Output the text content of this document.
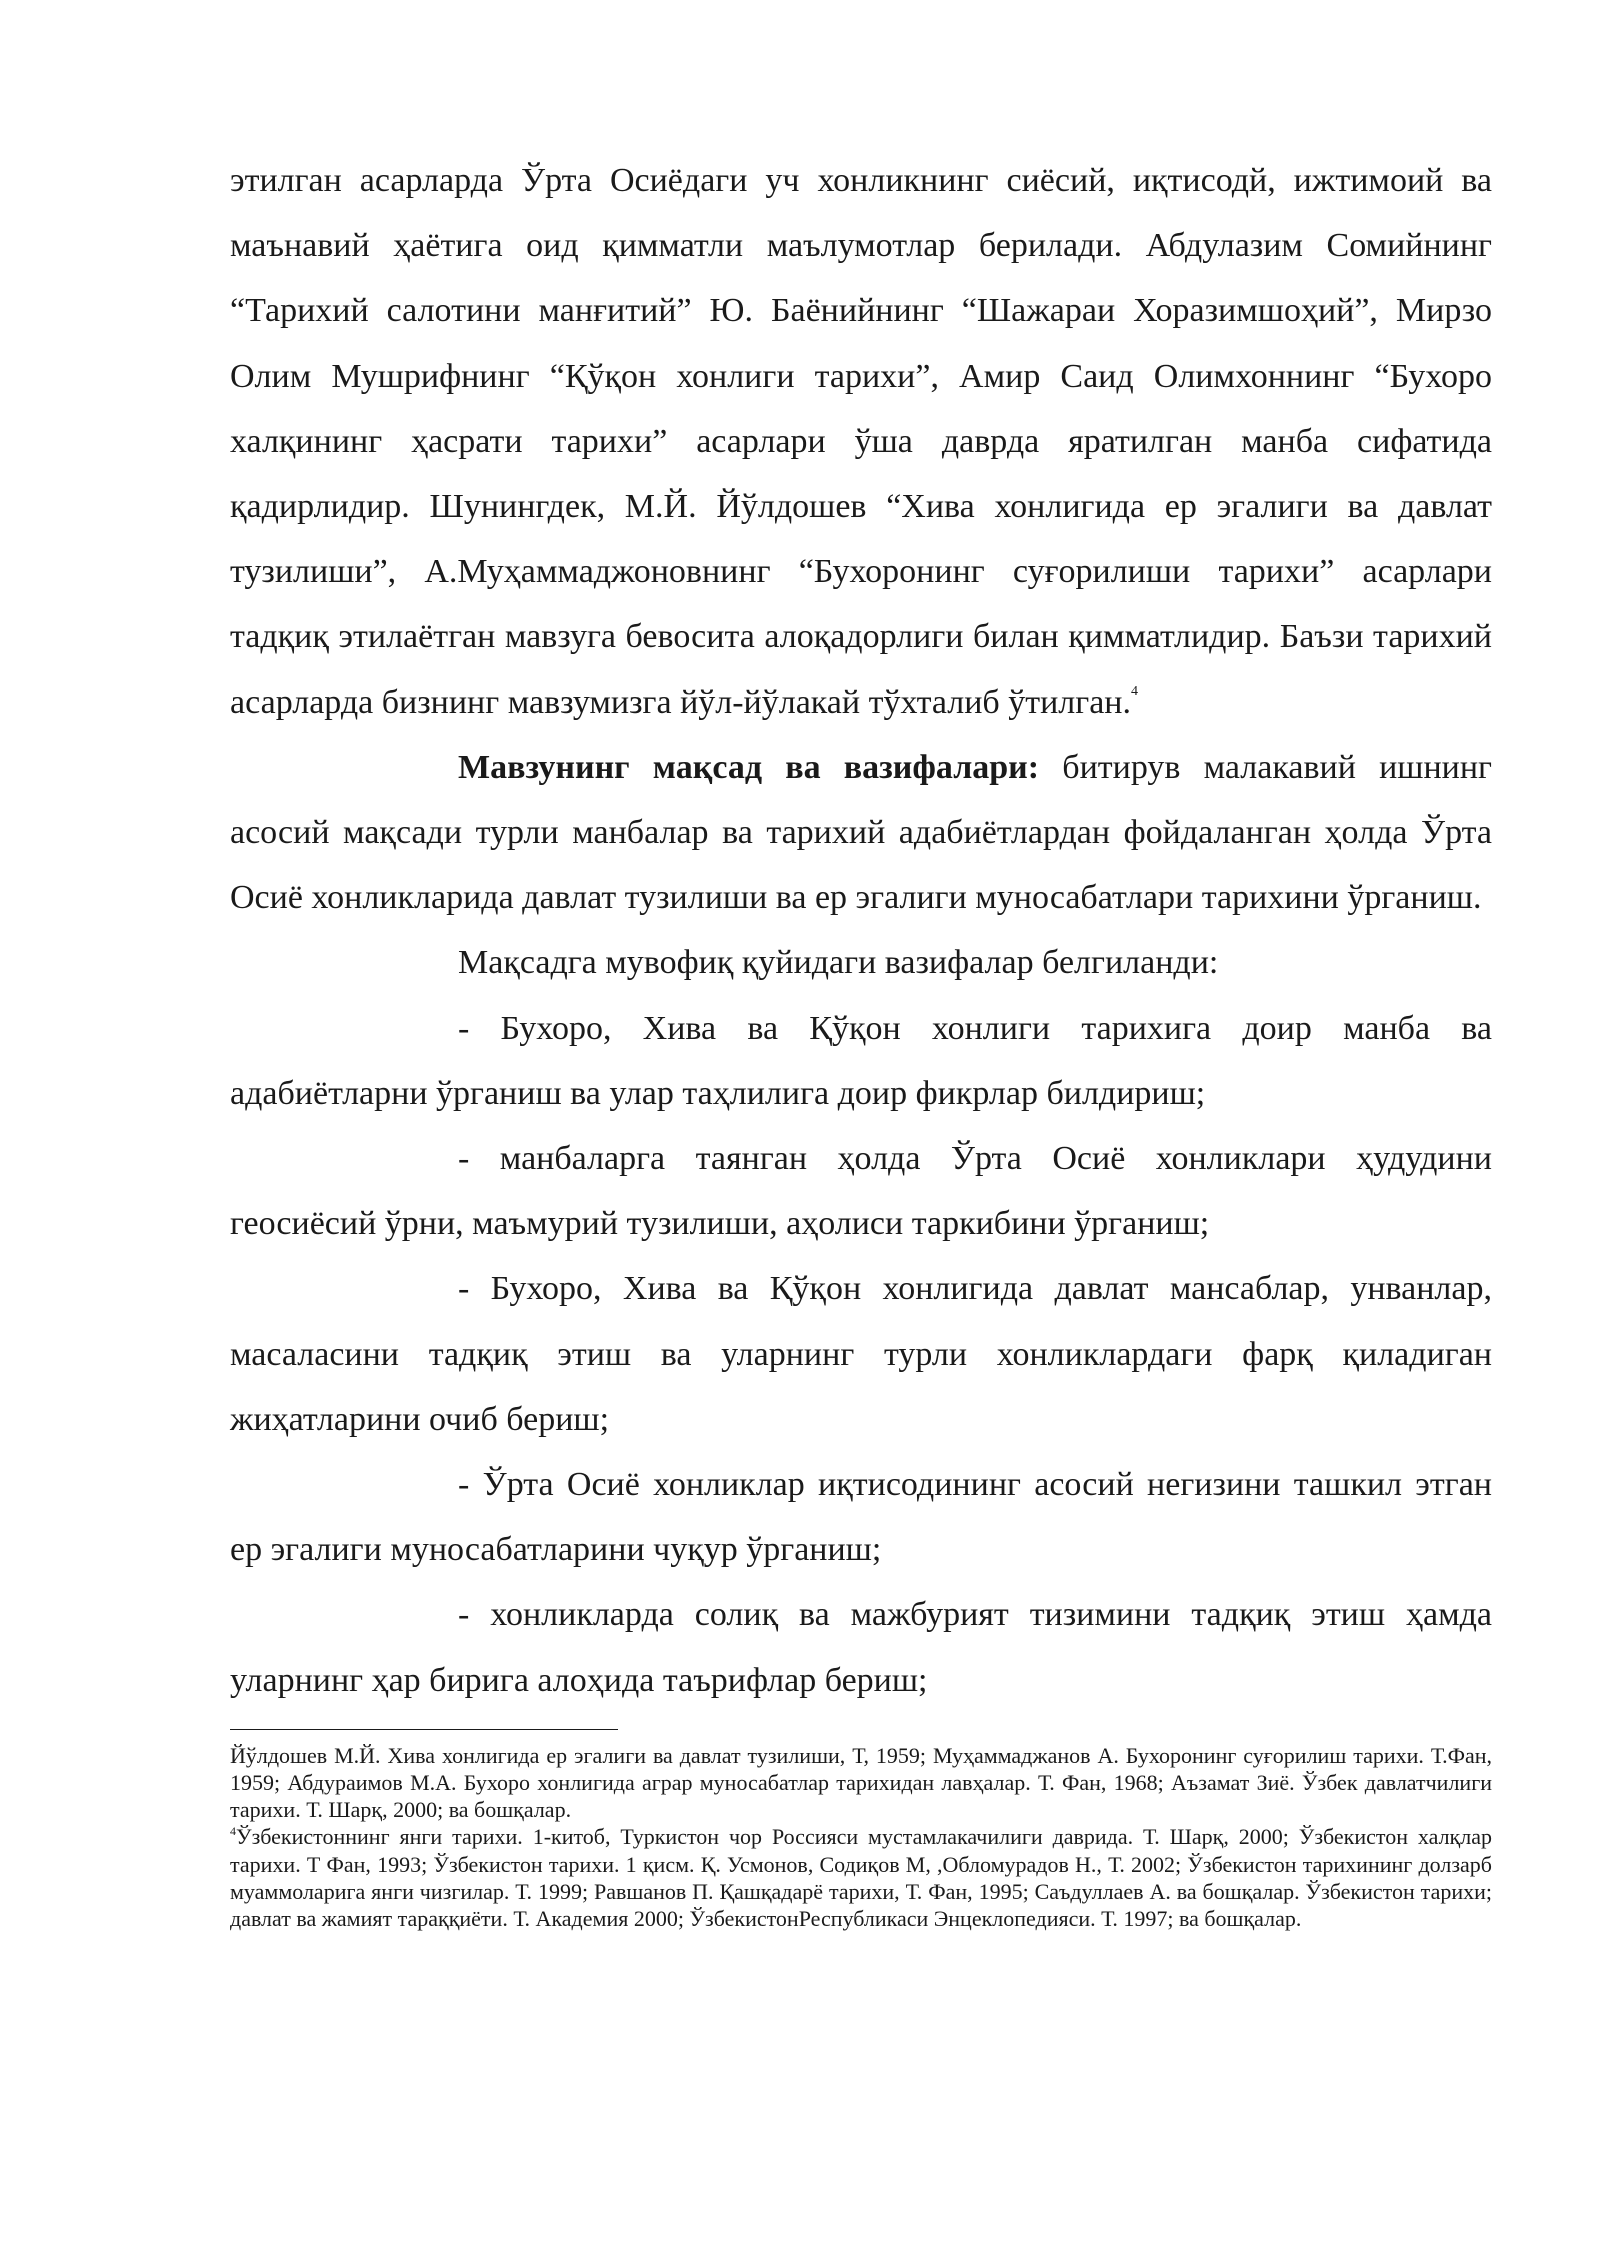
этилган асарларда Ўрта Осиёдаги уч хонликнинг сиёсий, иқтисодй, ижтимоий ва маънавий ҳаётига оид қимматли маълумотлар берилади. Абдулазим Сомийнинг “Тарихий салотини манғитий” Ю. Баёнийнинг “Шажараи Хоразимшоҳий”, Мирзо Олим Мушрифнинг “Қўқон хонлиги тарихи”, Амир Саид Олимхоннинг “Бухоро халқининг ҳасрати тарихи” асарлари ўша даврда яратилган манба сифатида қадирлидир. Шунингдек, М.Й. Йўлдошев “Хива хонлигида ер эгалиги ва давлат тузилиши”, А.Муҳаммаджоновнинг “Бухоронинг суғорилиши тарихи” асарлари тадқиқ этилаётган мавзуга бевосита алоқадорлиги билан қимматлидир. Баъзи тарихий асарларда бизнинг мавзумизга йўл-йўлакай тўхталиб ўтилган.$^4$

Мавзунинг мақсад ва вазифалари: битирув малакавий ишнинг асосий мақсади турли манбалар ва тарихий адабиётлардан фойдаланган ҳолда Ўрта Осиё хонликларида давлат тузилиши ва ер эгалиги муносабатлари тарихини ўрганиш.

Мақсадга мувофиқ қуйидаги вазифалар белгиланди:

- Бухоро, Хива ва Қўқон хонлиги тарихига доир манба ва адабиётларни ўрганиш ва улар таҳлилига доир фикрлар билдириш;

- манбаларга таянган ҳолда Ўрта Осиё хонликлари ҳудудини геосиёсий ўрни, маъмурий тузилиши, аҳолиси таркибини ўрганиш;

- Бухоро, Хива ва Қўқон хонлигида давлат мансаблар, унванлар, масаласини тадқиқ этиш ва уларнинг турли хонликлардаги фарқ қиладиган жиҳатларини очиб бериш;

- Ўрта Осиё хонликлар иқтисодининг асосий негизини ташкил этган ер эгалиги муносабатларини чуқур ўрганиш;

- хонликларда солиқ ва мажбурият тизимини тадқиқ этиш ҳамда уларнинг ҳар бирига алоҳида таърифлар бериш;

Йўлдошев М.Й. Хива хонлигида ер эгалиги ва давлат тузилиши, Т, 1959; Муҳаммаджанов А. Бухоронинг суғорилиш тарихи. Т.Фан, 1959; Абдураимов М.А. Бухоро хонлигида аграр муносабатлар тарихидан лавҳалар. Т. Фан, 1968; Аъзамат Зиё. Ўзбек давлатчилиги тарихи. Т. Шарқ, 2000; ва бошқалар.

$^4$Ўзбекистоннинг янги тарихи. 1-китоб, Туркистон чор Россияси мустамлакачилиги даврида. Т. Шарқ, 2000; Ўзбекистон халқлар тарихи. Т Фан, 1993; Ўзбекистон тарихи. 1 қисм. Қ. Усмонов, Содиқов М, ,Обломурадов Н., Т. 2002; Ўзбекистон тарихининг долзарб муаммоларига янги чизгилар. Т. 1999; Равшанов П. Қашқадарё тарихи, Т. Фан, 1995; Саъдуллаев А. ва бошқалар. Ўзбекистон тарихи; давлат ва жамият тараққиёти. Т. Академия 2000; ЎзбекистонРеспубликаси Энцеклопедияси. Т. 1997; ва бошқалар.
